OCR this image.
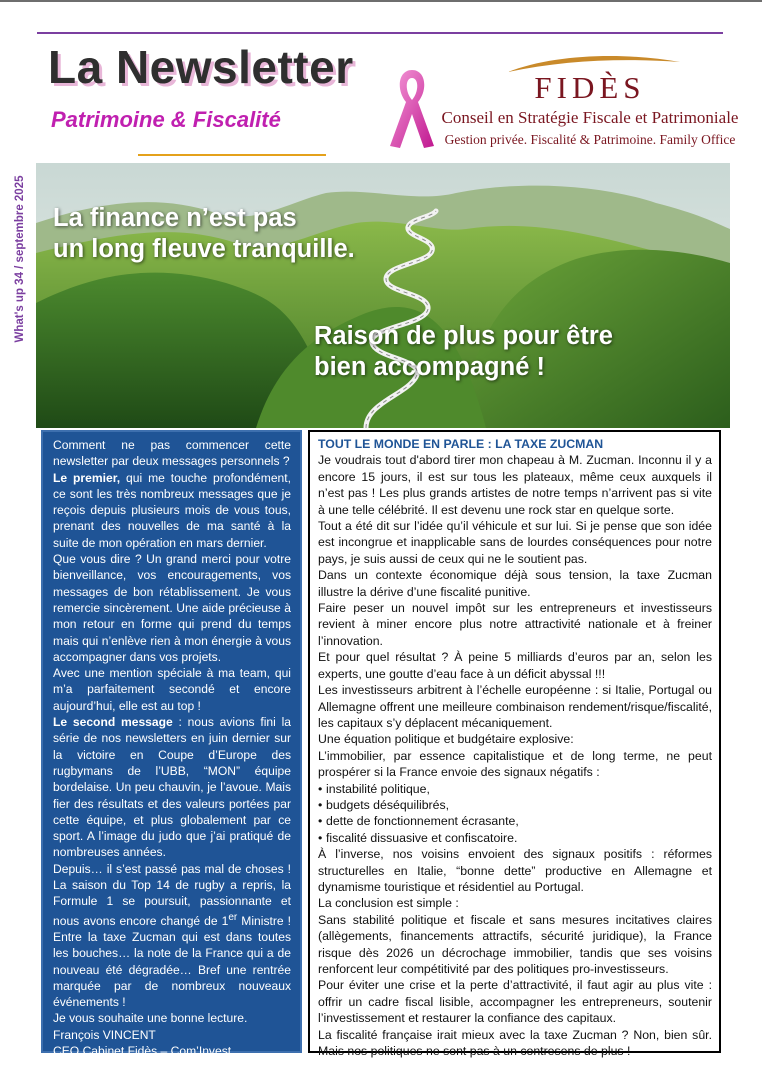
La Newsletter
Patrimoine & Fiscalité
FIDÈS
Conseil en Stratégie Fiscale et Patrimoniale
Gestion privée. Fiscalité & Patrimoine. Family Office
What's up 34 / septembre 2025 La finance n’est pas
un long fleuve tranquille.
Raison de plus pour être
bien accompagné !

Comment ne pas commencer cette newsletter par deux messages personnels ?

Le premier, qui me touche profondément, ce sont les très nombreux messages que je reçois depuis plusieurs mois de vous tous, prenant des nouvelles de ma santé à la suite de mon opération en mars dernier.

Que vous dire ? Un grand merci pour votre bienveillance, vos encouragements, vos messages de bon rétablissement. Je vous remercie sincèrement. Une aide précieuse à mon retour en forme qui prend du temps mais qui n’enlève rien à mon énergie à vous accompagner dans vos projets.

Avec une mention spéciale à ma team, qui m’a parfaitement secondé et encore aujourd’hui, elle est au top !

Le second message : nous avions fini la série de nos newsletters en juin dernier sur la victoire en Coupe d’Europe des rugbymans de l’UBB, “MON” équipe bordelaise. Un peu chauvin, je l’avoue. Mais fier des résultats et des valeurs portées par cette équipe, et plus globalement par ce sport. A l’image du judo que j’ai pratiqué de nombreuses années.

Depuis… il s’est passé pas mal de choses ! La saison du Top 14 de rugby a repris, la Formule 1 se poursuit, passionnante et nous avons encore changé de 1er Ministre ! Entre la taxe Zucman qui est dans toutes les bouches… la note de la France qui a de nouveau été dégradée… Bref une rentrée marquée par de nombreux nouveaux événements !

Je vous souhaite une bonne lecture.

François VINCENT

CEO Cabinet Fidès – Com’Invest

TOUT LE MONDE EN PARLE : LA TAXE ZUCMAN

Je voudrais tout d'abord tirer mon chapeau à M. Zucman. Inconnu il y a encore 15 jours, il est sur tous les plateaux, même ceux auxquels il n’est pas ! Les plus grands artistes de notre temps n’arrivent pas si vite à une telle célébrité. Il est devenu une rock star en quelque sorte.

Tout a été dit sur l’idée qu’il véhicule et sur lui. Si je pense que son idée est incongrue et inapplicable sans de lourdes conséquences pour notre pays, je suis aussi de ceux qui ne le soutient pas.

Dans un contexte économique déjà sous tension, la taxe Zucman illustre la dérive d’une fiscalité punitive.

Faire peser un nouvel impôt sur les entrepreneurs et investisseurs revient à miner encore plus notre attractivité nationale et à freiner l’innovation.

Et pour quel résultat ? À peine 5 milliards d’euros par an, selon les experts, une goutte d’eau face à un déficit abyssal !!!

Les investisseurs arbitrent à l’échelle européenne : si Italie, Portugal ou Allemagne offrent une meilleure combinaison rendement/risque/fiscalité, les capitaux s’y déplacent mécaniquement.

Une équation politique et budgétaire explosive:

L’immobilier, par essence capitalistique et de long terme, ne peut prospérer si la France envoie des signaux négatifs :

• instabilité politique,
• budgets déséquilibrés,
• dette de fonctionnement écrasante,
• fiscalité dissuasive et confiscatoire.

À l’inverse, nos voisins envoient des signaux positifs : réformes structurelles en Italie, “bonne dette” productive en Allemagne et dynamisme touristique et résidentiel au Portugal.

La conclusion est simple :

Sans stabilité politique et fiscale et sans mesures incitatives claires (allègements, financements attractifs, sécurité juridique), la France risque dès 2026 un décrochage immobilier, tandis que ses voisins renforcent leur compétitivité par des politiques pro-investisseurs.

Pour éviter une crise et la perte d’attractivité, il faut agir au plus vite : offrir un cadre fiscal lisible, accompagner les entrepreneurs, soutenir l’investissement et restaurer la confiance des capitaux.

La fiscalité française irait mieux avec la taxe Zucman ? Non, bien sûr. Mais nos politiques ne sont pas à un contresens de plus !
